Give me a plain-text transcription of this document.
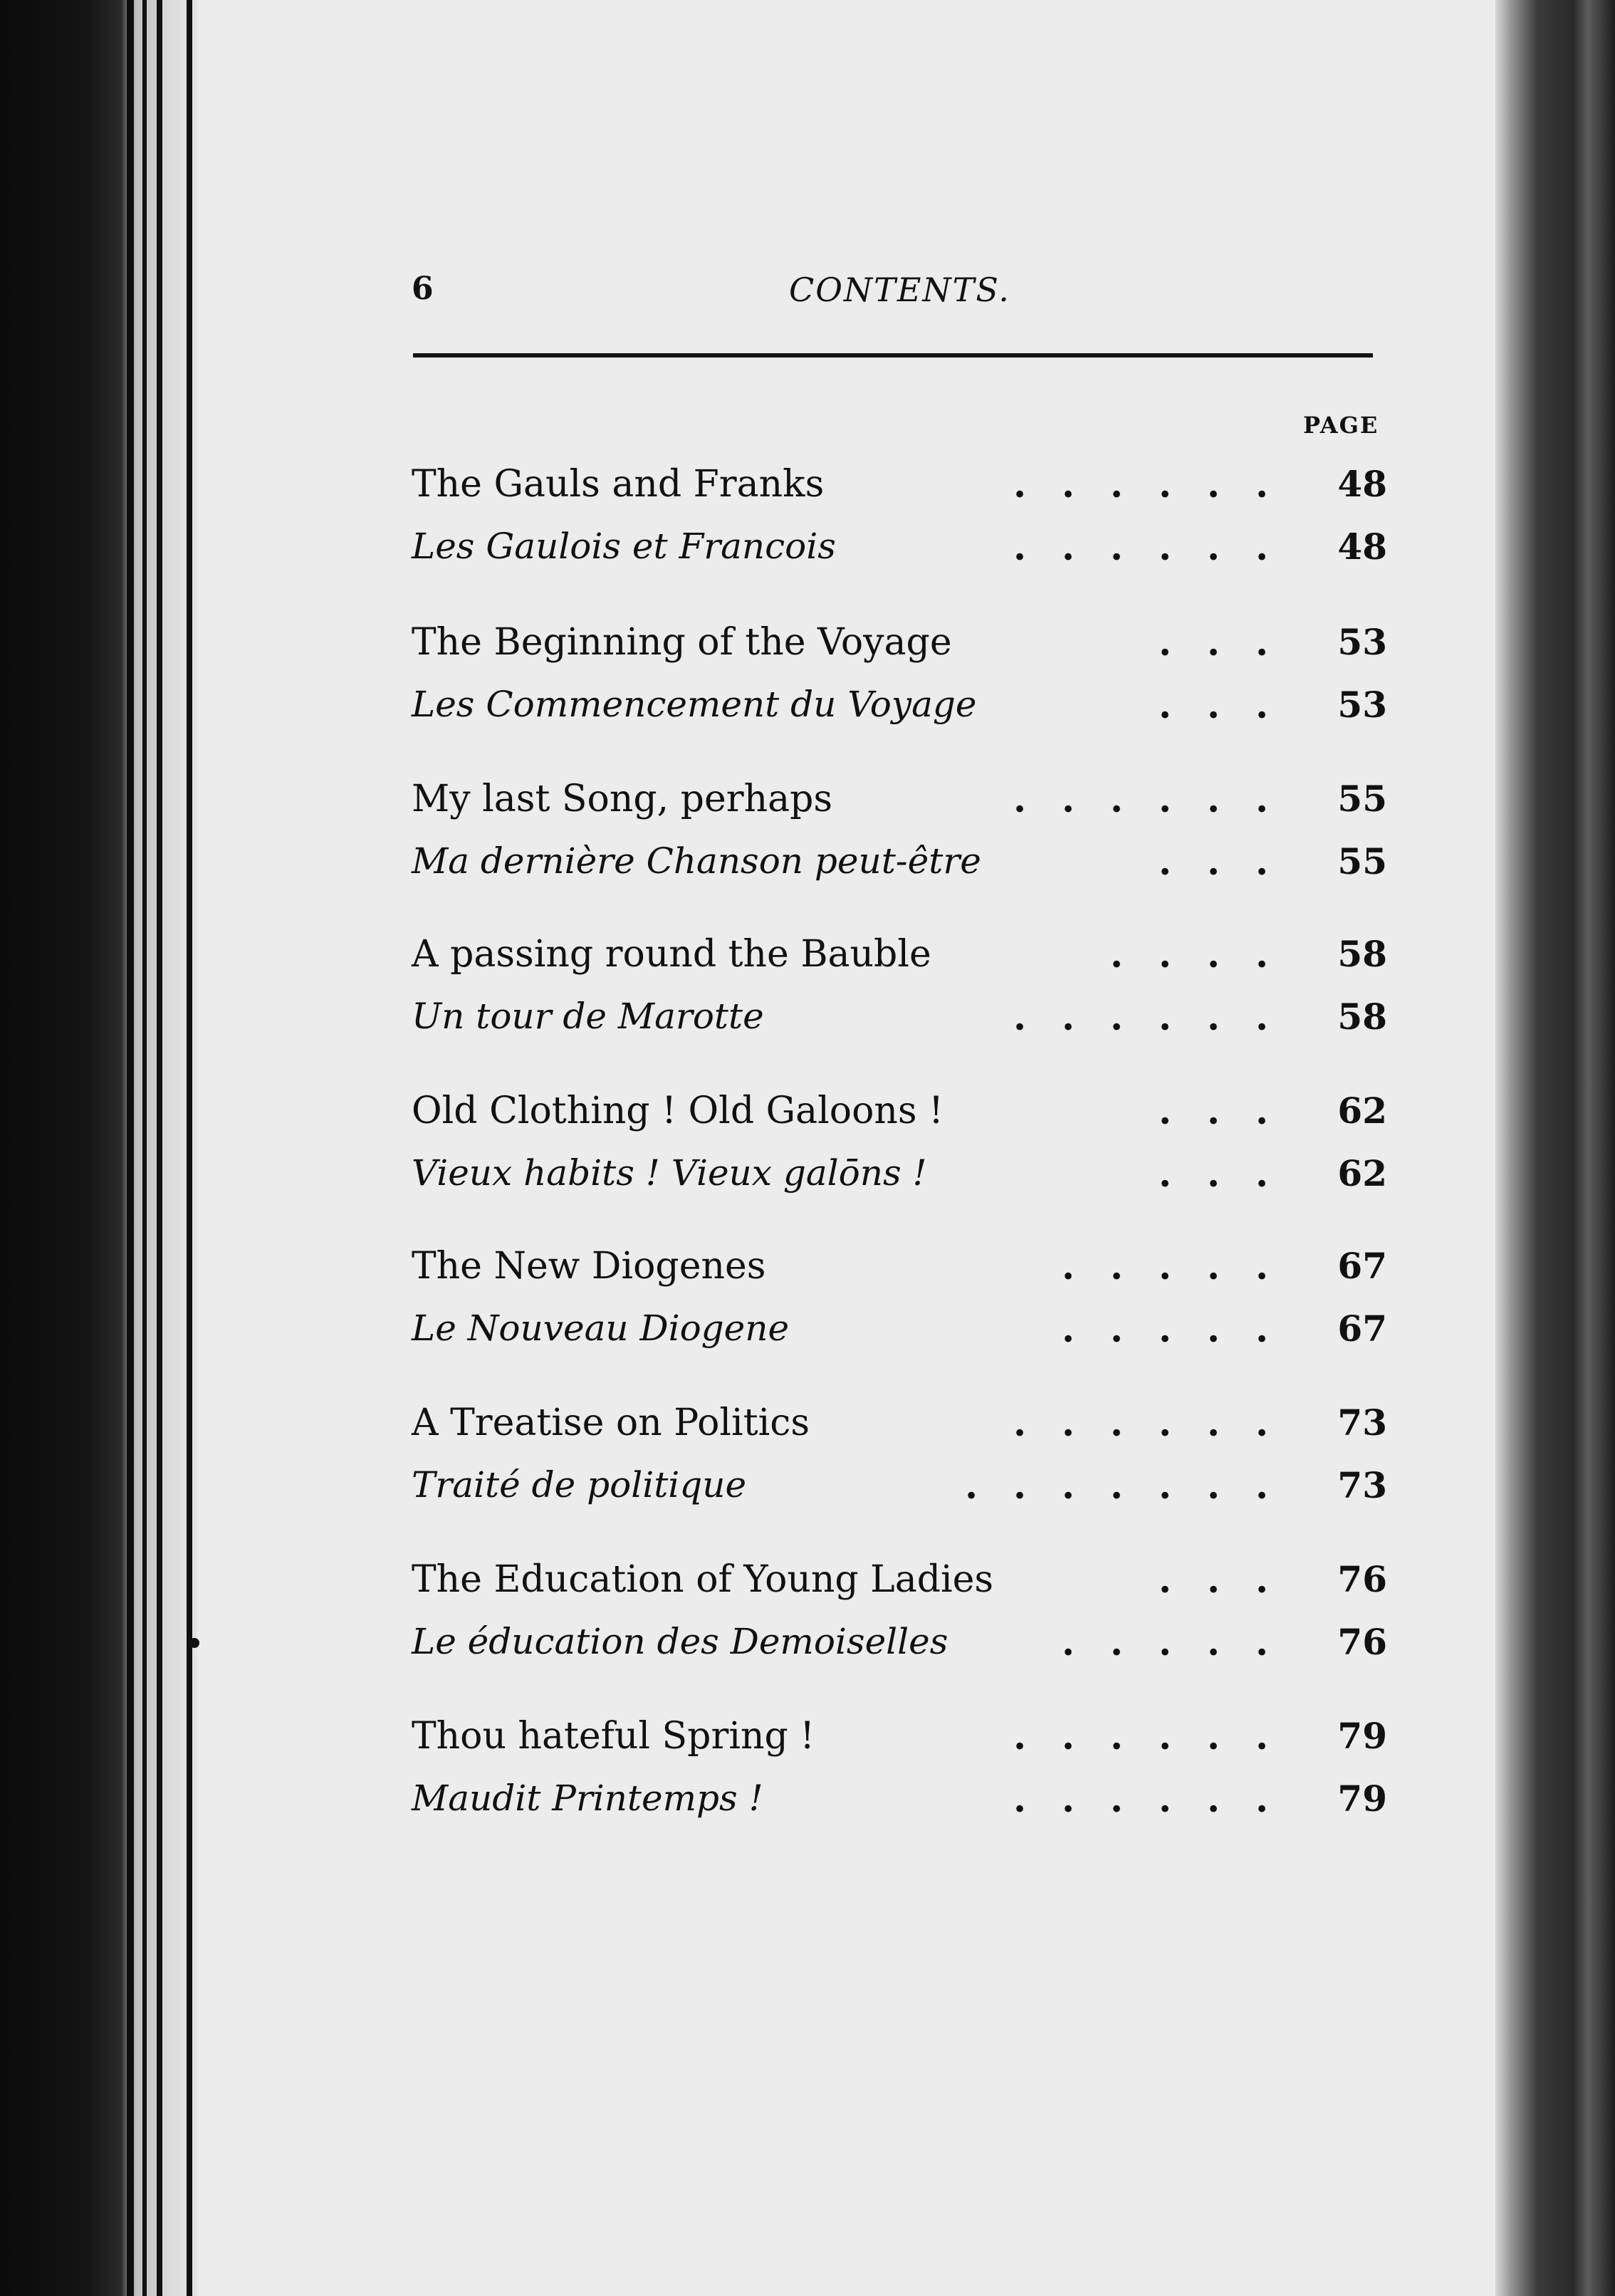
6	CONTENTS.
PAGE
The Gauls and Franks	. . . . . .	48
Les Gaulois et Francois	. . . . . .	48
The Beginning of the Voyage	. . .	53
Les Commencement du Voyage	. . .	53
My last Song, perhaps	. . . . . .	55
Ma dernière Chanson peut-être	. . .	55
A passing round the Bauble	. . . .	58
Un tour de Marotte	. . . . . .	58
Old Clothing ! Old Galoons !	. . .	62
Vieux habits ! Vieux galōns !	. . .	62
The New Diogenes	. . . . .	67
Le Nouveau Diogene	. . . . .	67
A Treatise on Politics	. . . . . .	73
Traité de politique	. . . . . . .	73
The Education of Young Ladies	. . .	76
Le éducation des Demoiselles	. . . . .	76
Thou hateful Spring !	. . . . . .	79
Maudit Printemps !	. . . . . .	79
